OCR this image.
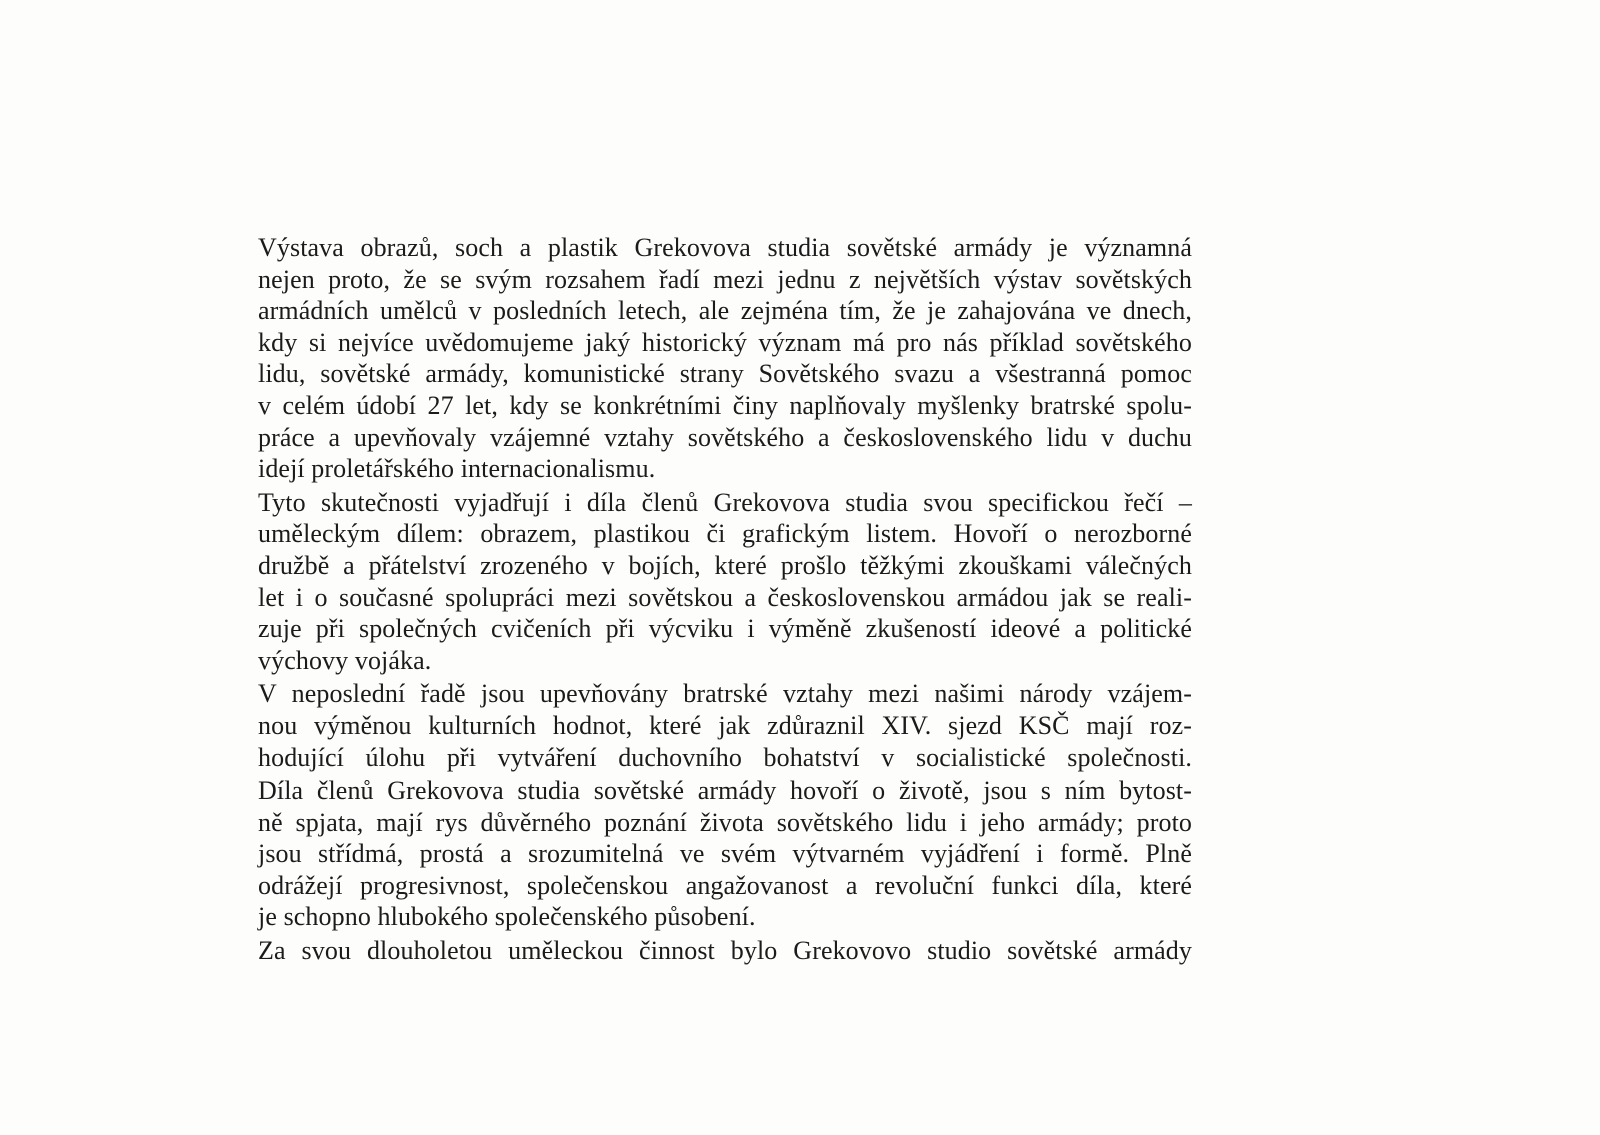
Výstava obrazů, soch a plastik Grekovova studia sovětské armády je významná
nejen proto, že se svým rozsahem řadí mezi jednu z největších výstav sovětských
armádních umělců v posledních letech, ale zejména tím, že je zahajována ve dnech,
kdy si nejvíce uvědomujeme jaký historický význam má pro nás příklad sovětského
lidu, sovětské armády, komunistické strany Sovětského svazu a všestranná pomoc
v celém údobí 27 let, kdy se konkrétními činy naplňovaly myšlenky bratrské spolu-
práce a upevňovaly vzájemné vztahy sovětského a československého lidu v duchu
idejí proletářského internacionalismu.
Tyto skutečnosti vyjadřují i díla členů Grekovova studia svou specifickou řečí –
uměleckým dílem: obrazem, plastikou či grafickým listem. Hovoří o nerozborné
družbě a přátelství zrozeného v bojích, které prošlo těžkými zkouškami válečných
let i o současné spolupráci mezi sovětskou a československou armádou jak se reali-
zuje při společných cvičeních při výcviku i výměně zkušeností ideové a politické
výchovy vojáka.
V neposlední řadě jsou upevňovány bratrské vztahy mezi našimi národy vzájem-
nou výměnou kulturních hodnot, které jak zdůraznil XIV. sjezd KSČ mají roz-
hodující úlohu při vytváření duchovního bohatství v socialistické společnosti.
Díla členů Grekovova studia sovětské armády hovoří o životě, jsou s ním bytost-
ně spjata, mají rys důvěrného poznání života sovětského lidu i jeho armády; proto
jsou střídmá, prostá a srozumitelná ve svém výtvarném vyjádření i formě. Plně
odrážejí progresivnost, společenskou angažovanost a revoluční funkci díla, které
je schopno hlubokého společenského působení.
Za svou dlouholetou uměleckou činnost bylo Grekovovo studio sovětské armády
